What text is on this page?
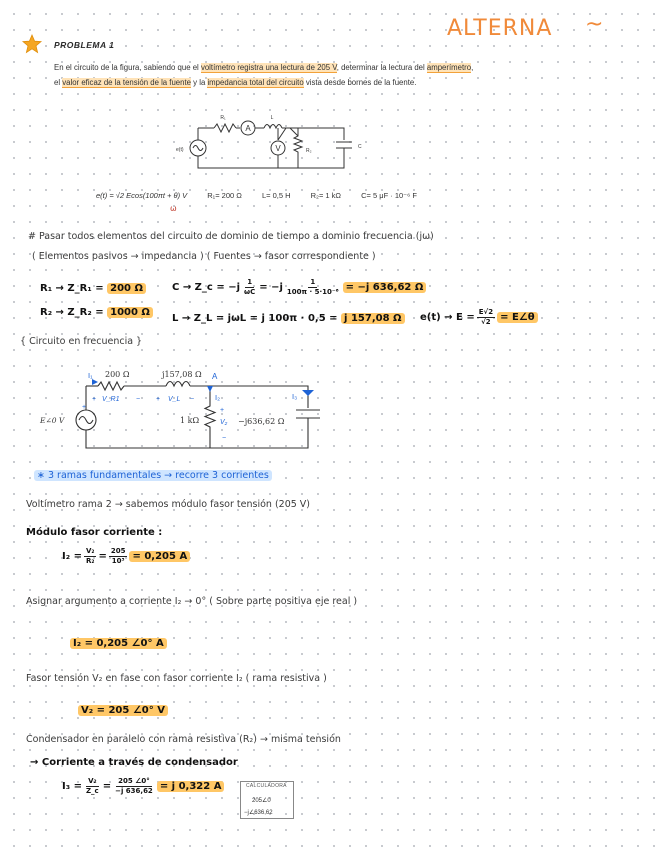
ALTERNA ~
PROBLEMA 1
En el circuito de la figura, sabiendo que el voltímetro registra una lectura de 205 V, determinar la lectura del amperímetro, el valor eficaz de la tensión de la fuente y la impedancia total del circuito vista desde bornes de la fuente.
A
V
R₁	L
R₂
C
e(t)
e(t) = √2 Ecos(100πt + θ) V	R₁= 200 Ω	L= 0,5 H	R₂= 1 kΩ	C= 5 μF · 10⁻⁶ F
ω
# Pasar todos elementos del circuito de dominio de tiempo a dominio frecuencia (jω)
( Elementos pasivos → impedancia ) ( Fuentes → fasor correspondiente )
R₁ → Z_R₁ = 200 Ω
R₂ → Z_R₂ = 1000 Ω
C → Z_c = $-j \frac{1}{\omega C} = -j \frac{1}{\text{100π · 5·10⁻⁶}} = -j$ 636,62 Ω
L → Z_L = jωL = j 100π · 0,5 = j 157,08 Ω	$e(t) \to E = \frac{E√2}{√2}$ = E∠θ
{ Circuito en frecuencia }
200 Ω	j157,08 Ω A
I₁
I₂	I₃
+
+ V_R1 − + V_L −
1 kΩ	V₂
+
−
−j636,62 Ω
E∠0 V
∗ 3 ramas fundamentales → recorre 3 corrientes
Voltímetro rama 2 → sabemos módulo fasor tensión (205 V)
Módulo fasor corriente :
$I_2 = \frac{\text{V₂}}{\text{R₂}} = \frac{205}{\text{10³}} = 0,205$ A
Asignar argumento a corriente I₂ → 0° ( Sobre parte positiva eje real )
I₂ = 0,205 ∠0° A
Fasor tensión V₂ en fase con fasor corriente I₂ ( rama resistiva )
V₂ = 205 ∠0° V
Condensador en paralelo con rama resistiva (R₂) → misma tensión
→ Corriente a través de condensador
$I_3 = \frac{\text{V₂}}{Z\_c} = \frac{205 \angle 0^\circ}{-j 636,62} = j$ 0,322 A	CALCULADORA
205∠0
−j∠636,62
